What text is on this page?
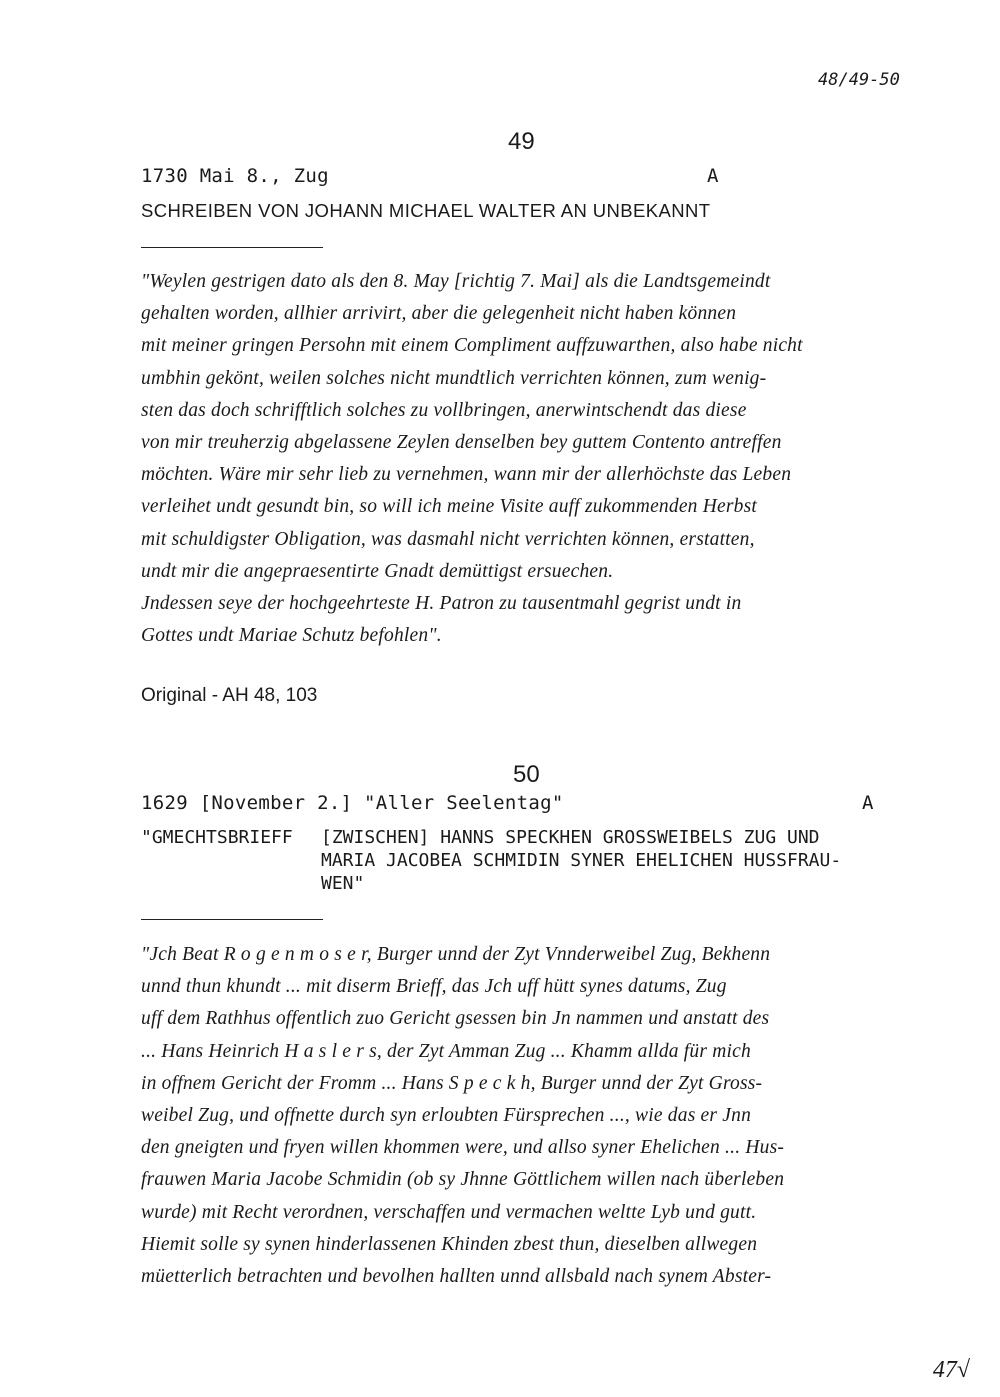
48/49-50
49
1730 Mai 8., Zug	A
SCHREIBEN VON JOHANN MICHAEL WALTER AN UNBEKANNT
"Weylen gestrigen dato als den 8. May [richtig 7. Mai] als die Landtsgemeindt
gehalten worden, allhier arrivirt, aber die gelegenheit nicht haben können
mit meiner gringen Persohn mit einem Compliment auffzuwarthen, also habe nicht
umbhin gekönt, weilen solches nicht mundtlich verrichten können, zum wenig-
sten das doch schrifftlich solches zu vollbringen, anerwintschendt das diese
von mir treuherzig abgelassene Zeylen denselben bey guttem Contento antreffen
möchten. Wäre mir sehr lieb zu vernehmen, wann mir der allerhöchste das Leben
verleihet undt gesundt bin, so will ich meine Visite auff zukommenden Herbst
mit schuldigster Obligation, was dasmahl nicht verrichten können, erstatten,
undt mir die angepraesentirte Gnadt demüttigst ersuechen.
Jndessen seye der hochgeehrteste H. Patron zu tausentmahl gegrist undt in
Gottes undt Mariae Schutz befohlen".
Original - AH 48, 103
50
1629 [November 2.] "Aller Seelentag"	A
"GMECHTSBRIEFF [ZWISCHEN] HANNS SPECKHEN GROSSWEIBELS ZUG UND
MARIA JACOBEA SCHMIDIN SYNER EHELICHEN HUSSFRAU-
WEN"
"Jch Beat R o g e n m o s e r, Burger unnd der Zyt Vnnderweibel Zug, Bekhenn
unnd thun khundt ... mit diserm Brieff, das Jch uff hütt synes datums, Zug
uff dem Rathhus offentlich zuo Gericht gsessen bin Jn nammen und anstatt des
... Hans Heinrich H a s l e r s, der Zyt Amman Zug ... Khamm allda für mich
in offnem Gericht der Fromm ... Hans S p e c k h, Burger unnd der Zyt Gross-
weibel Zug, und offnette durch syn erloubten Fürsprechen ..., wie das er Jnn
den gneigten und fryen willen khommen were, und allso syner Ehelichen ... Hus-
frauwen Maria Jacobe Schmidin (ob sy Jhnne Göttlichem willen nach überleben
wurde) mit Recht verordnen, verschaffen und vermachen weltte Lyb und gutt.
Hiemit solle sy synen hinderlassenen Khinden zbest thun, dieselben allwegen
müetterlich betrachten und bevolhen hallten unnd allsbald nach synem Abster-
47√
